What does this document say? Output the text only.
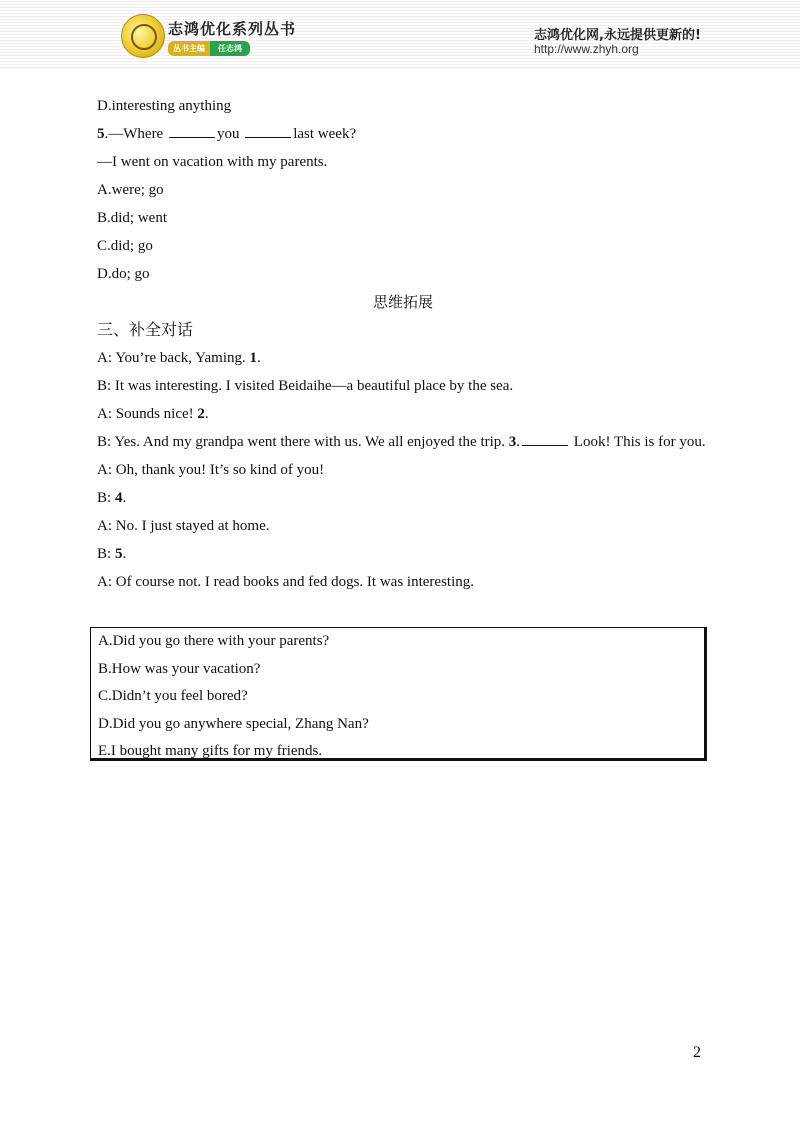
志鸿优化系列丛书
丛书主编	任志鸿
志鸿优化网,永远提供更新的!
http://www.zhyh.org
D.interesting anything
5.—Where	you	last week?
—I went on vacation with my parents.
A.were; go
B.did; went
C.did; go
D.do; go
思维拓展
三、补全对话
A: You’re back, Yaming. 1.
B: It was interesting. I visited Beidaihe—a beautiful place by the sea.
A: Sounds nice! 2.
B: Yes. And my grandpa went there with us. We all enjoyed the trip. 3.	Look! This is for you.
A: Oh, thank you! It’s so kind of you!
B: 4.
A: No. I just stayed at home.
B: 5.
A: Of course not. I read books and fed dogs. It was interesting.
A.Did you go there with your parents?
B.How was your vacation?
C.Didn’t you feel bored?
D.Did you go anywhere special, Zhang Nan?
E.I bought many gifts for my friends.
2
